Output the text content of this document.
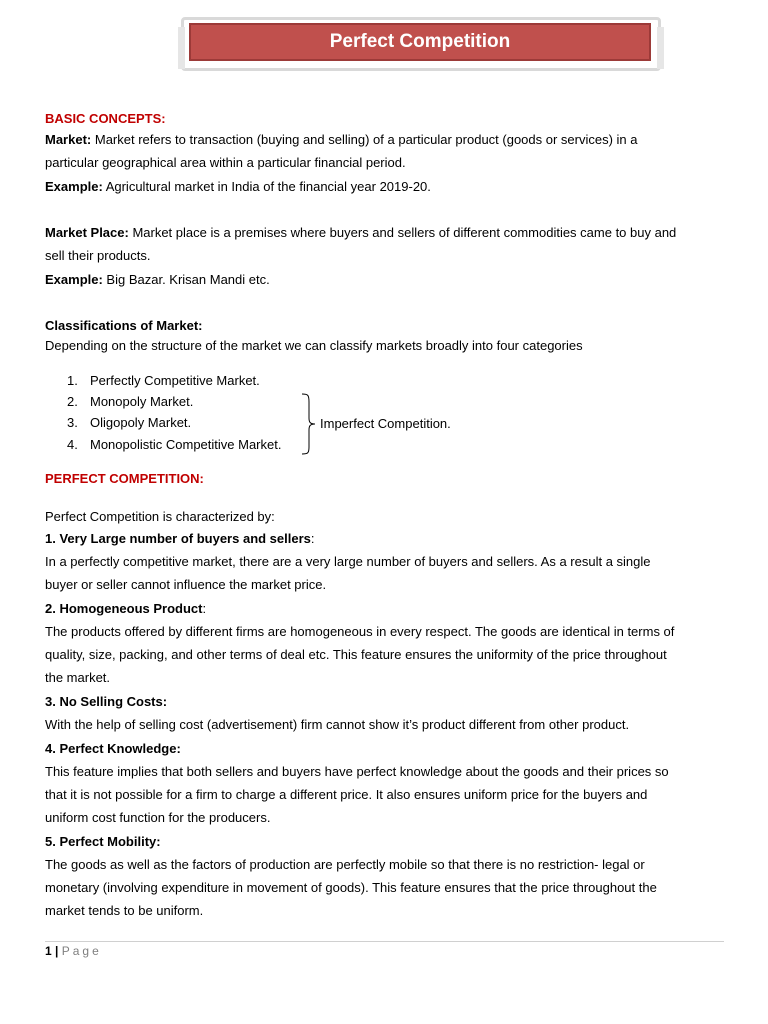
Perfect Competition

BASIC CONCEPTS:

Market: Market refers to transaction (buying and selling) of a particular product (goods or services) in a

particular geographical area within a particular financial period.

Example: Agricultural market in India of the financial year 2019-20.

Market Place: Market place is a premises where buyers and sellers of different commodities came to buy and

sell their products.

Example: Big Bazar. Krisan Mandi etc.

Classifications of Market:

Depending on the structure of the market we can classify markets broadly into four categories

1. Perfectly Competitive Market.
2. Monopoly Market.
3. Oligopoly Market.
4. Monopolistic Competitive Market.
Imperfect Competition.

PERFECT COMPETITION:

Perfect Competition is characterized by:

1. Very Large number of buyers and sellers:

In a perfectly competitive market, there are a very large number of buyers and sellers. As a result a single

buyer or seller cannot influence the market price.

2. Homogeneous Product:

The products offered by different firms are homogeneous in every respect. The goods are identical in terms of

quality, size, packing, and other terms of deal etc. This feature ensures the uniformity of the price throughout

the market.

3. No Selling Costs:

With the help of selling cost (advertisement) firm cannot show it’s product different from other product.

4. Perfect Knowledge:

This feature implies that both sellers and buyers have perfect knowledge about the goods and their prices so

that it is not possible for a firm to charge a different price. It also ensures uniform price for the buyers and

uniform cost function for the producers.

5. Perfect Mobility:

The goods as well as the factors of production are perfectly mobile so that there is no restriction- legal or

monetary (involving expenditure in movement of goods). This feature ensures that the price throughout the

market tends to be uniform.

1 | Page
